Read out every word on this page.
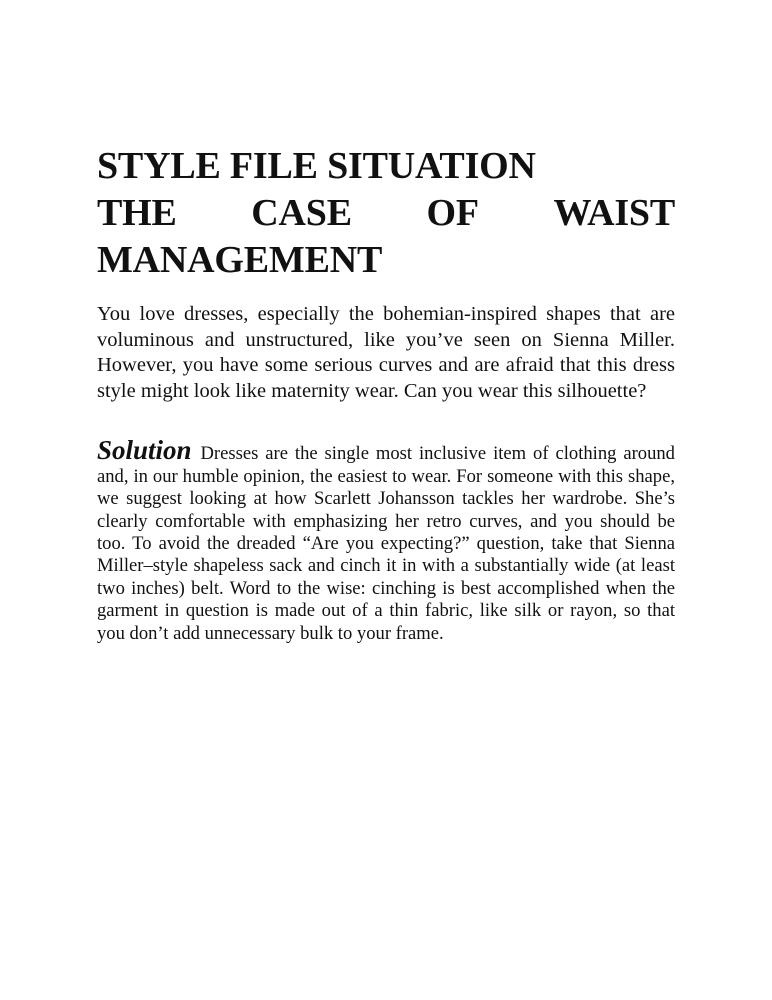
STYLE FILE SITUATION
THE CASE OF WAIST
MANAGEMENT

You love dresses, especially the bohemian-inspired shapes that are voluminous and unstructured, like you’ve seen on Sienna Miller. However, you have some serious curves and are afraid that this dress style might look like maternity wear. Can you wear this silhouette?

Solution Dresses are the single most inclusive item of clothing around and, in our humble opinion, the easiest to wear. For someone with this shape, we suggest looking at how Scarlett Johansson tackles her wardrobe. She’s clearly comfortable with emphasizing her retro curves, and you should be too. To avoid the dreaded “Are you expecting?” question, take that Sienna Miller–style shapeless sack and cinch it in with a substantially wide (at least two inches) belt. Word to the wise: cinching is best accomplished when the garment in question is made out of a thin fabric, like silk or rayon, so that you don’t add unnecessary bulk to your frame.
